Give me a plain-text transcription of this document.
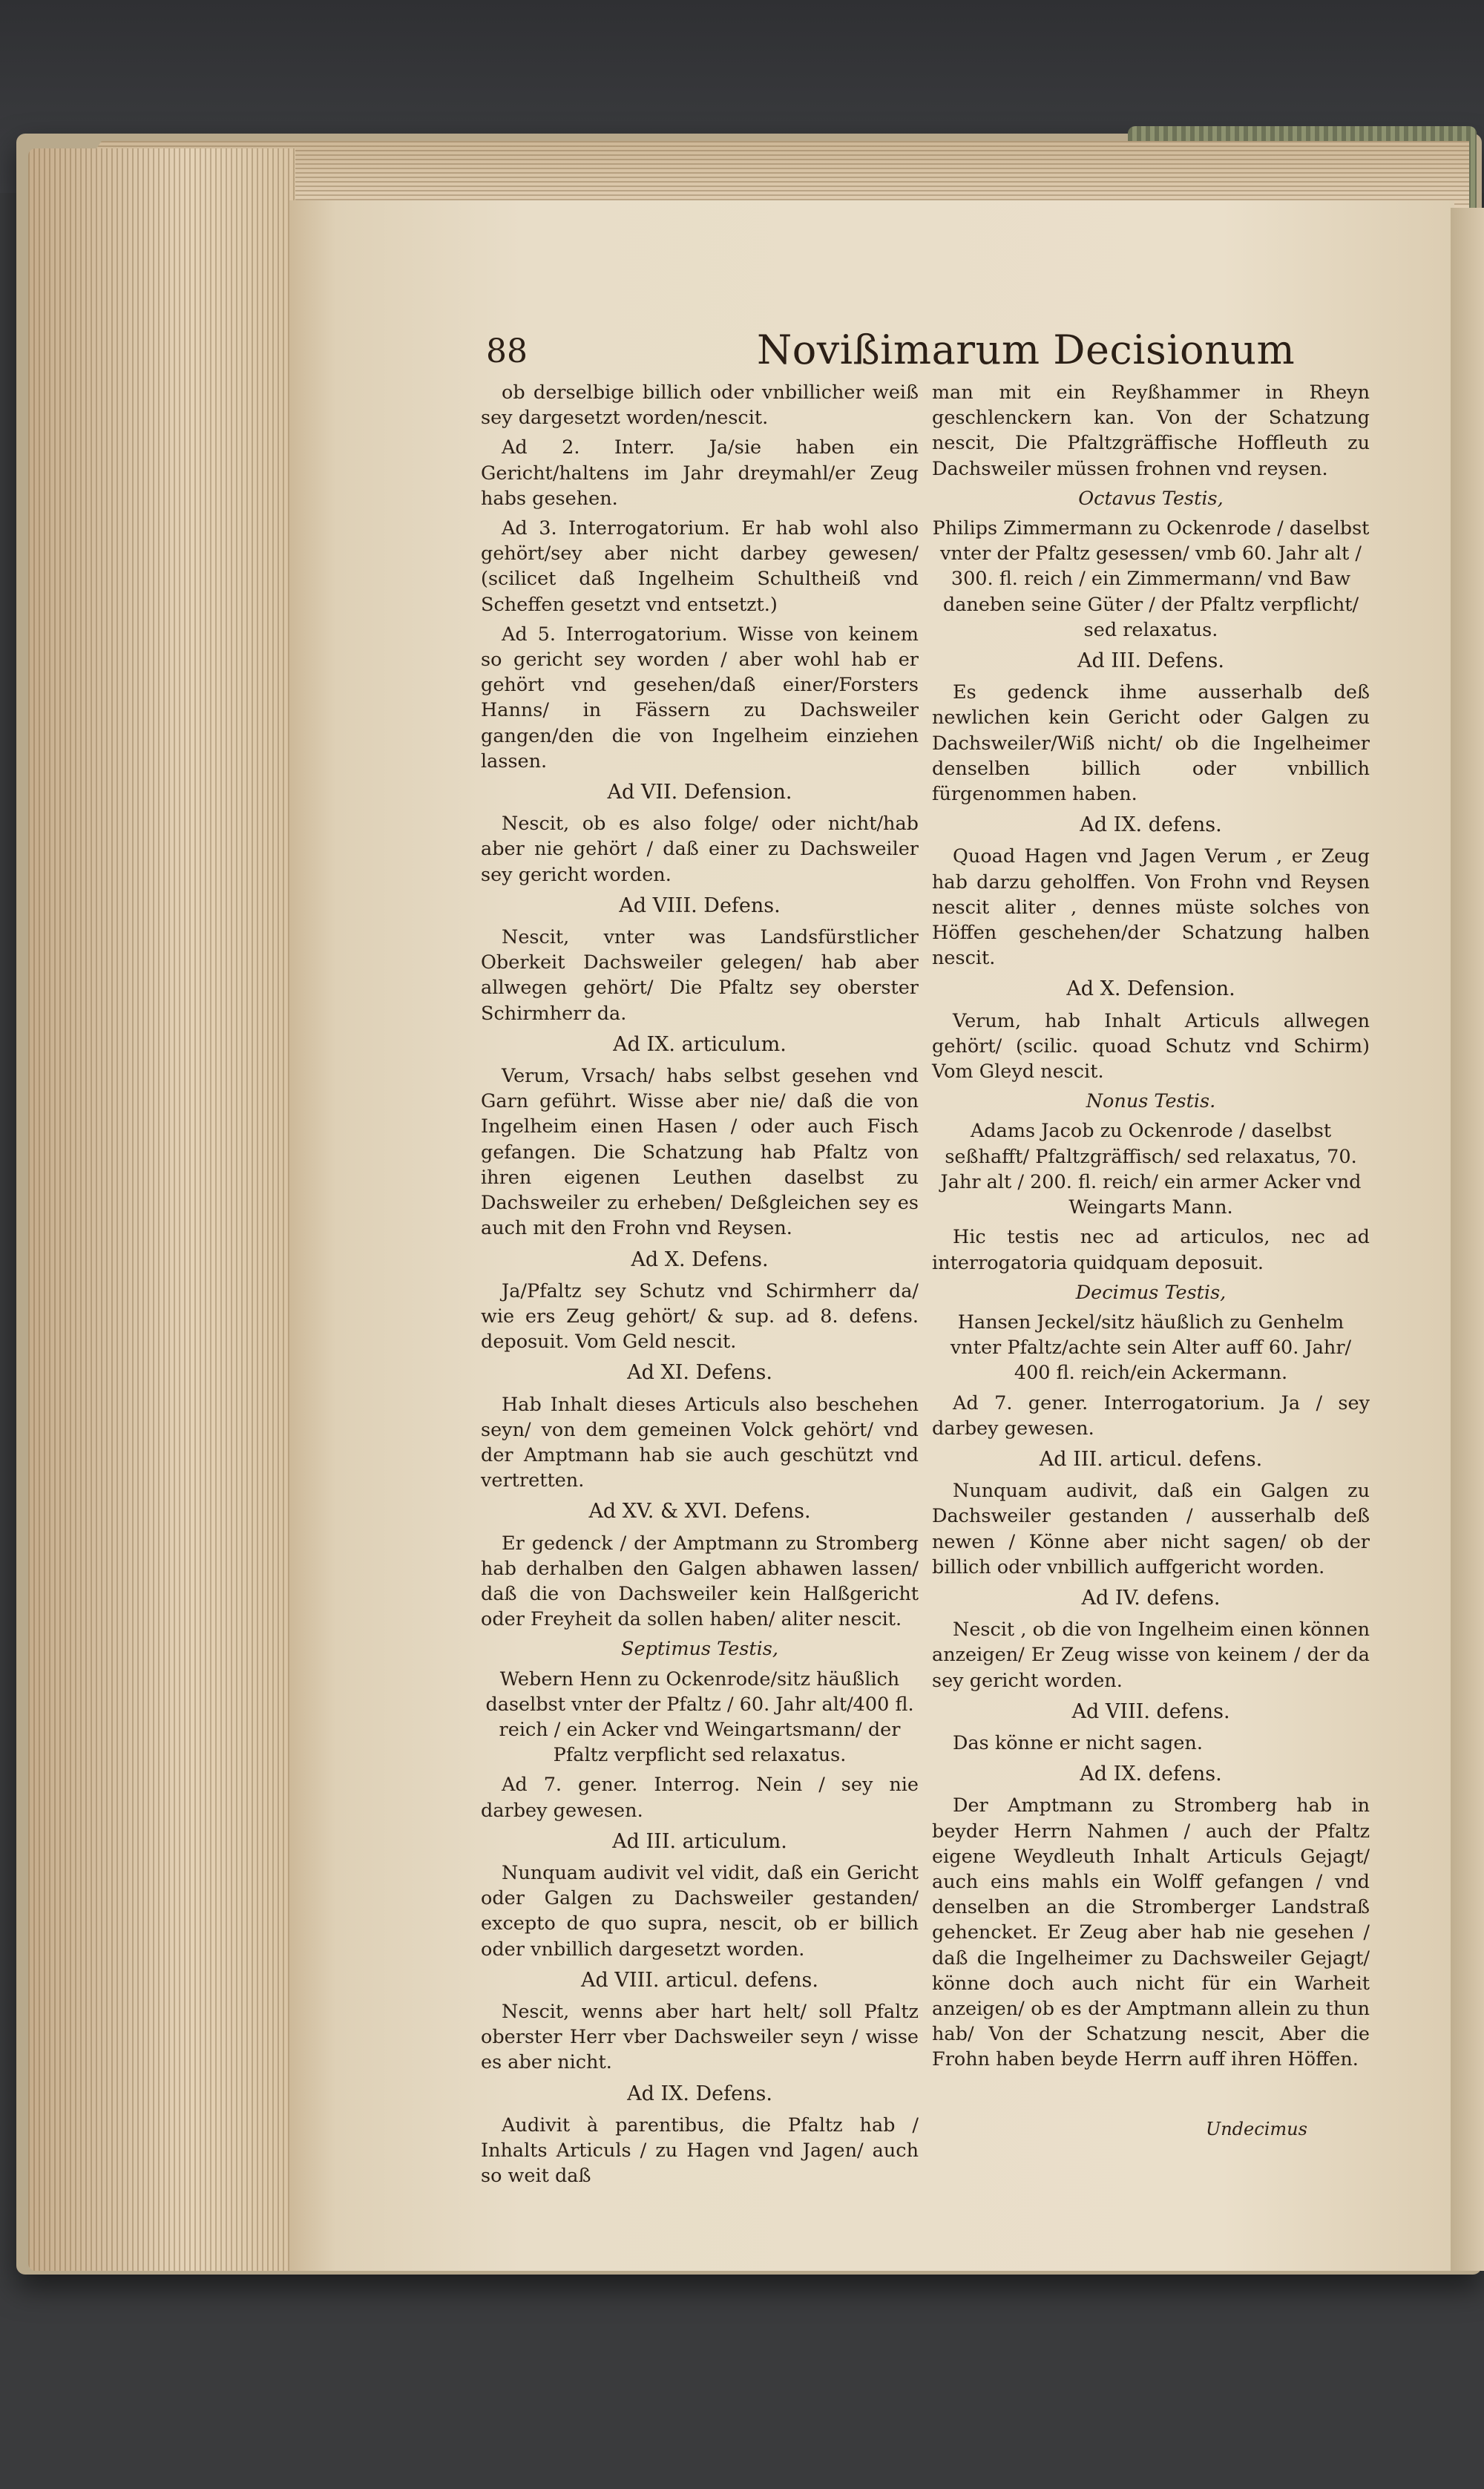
88	Novißimarum Decisionum

ob derselbige billich oder vnbillicher weiß sey dargesetzt worden/nescit.

Ad 2. Interr. Ja/sie haben ein Gericht/haltens im Jahr dreymahl/er Zeug habs gesehen.

Ad 3. Interrogatorium. Er hab wohl also gehört/sey aber nicht darbey gewesen/ (scilicet daß Ingelheim Schultheiß vnd Scheffen gesetzt vnd entsetzt.)

Ad 5. Interrogatorium. Wisse von keinem so gericht sey worden / aber wohl hab er gehört vnd gesehen/daß einer/Forsters Hanns/ in Fässern zu Dachsweiler gangen/den die von Ingelheim einziehen lassen.

Ad VII. Defension.

Nescit, ob es also folge/ oder nicht/hab aber nie gehört / daß einer zu Dachsweiler sey gericht worden.

Ad VIII. Defens.

Nescit, vnter was Landsfürstlicher Oberkeit Dachsweiler gelegen/ hab aber allwegen gehört/ Die Pfaltz sey oberster Schirmherr da.

Ad IX. articulum.

Verum, Vrsach/ habs selbst gesehen vnd Garn geführt. Wisse aber nie/ daß die von Ingelheim einen Hasen / oder auch Fisch gefangen. Die Schatzung hab Pfaltz von ihren eigenen Leuthen daselbst zu Dachsweiler zu erheben/ Deßgleichen sey es auch mit den Frohn vnd Reysen.

Ad X. Defens.

Ja/Pfaltz sey Schutz vnd Schirmherr da/ wie ers Zeug gehört/ & sup. ad 8. defens. deposuit. Vom Geld nescit.

Ad XI. Defens.

Hab Inhalt dieses Articuls also beschehen seyn/ von dem gemeinen Volck gehört/ vnd der Amptmann hab sie auch geschützt vnd vertretten.

Ad XV. & XVI. Defens.

Er gedenck / der Amptmann zu Stromberg hab derhalben den Galgen abhawen lassen/ daß die von Dachsweiler kein Halßgericht oder Freyheit da sollen haben/ aliter nescit.

Septimus Testis,

Webern Henn zu Ockenrode/sitz häußlich daselbst vnter der Pfaltz / 60. Jahr alt/400 fl. reich / ein Acker vnd Weingartsmann/ der Pfaltz verpflicht sed relaxatus.

Ad 7. gener. Interrog. Nein / sey nie darbey gewesen.

Ad III. articulum.

Nunquam audivit vel vidit, daß ein Gericht oder Galgen zu Dachsweiler gestanden/ excepto de quo supra, nescit, ob er billich oder vnbillich dargesetzt worden.

Ad VIII. articul. defens.

Nescit, wenns aber hart helt/ soll Pfaltz oberster Herr vber Dachsweiler seyn / wisse es aber nicht.

Ad IX. Defens.

Audivit à parentibus, die Pfaltz hab / Inhalts Articuls / zu Hagen vnd Jagen/ auch so weit daß

man mit ein Reyßhammer in Rheyn geschlenckern kan. Von der Schatzung nescit, Die Pfaltzgräffische Hoffleuth zu Dachsweiler müssen frohnen vnd reysen.

Octavus Testis,

Philips Zimmermann zu Ockenrode / daselbst vnter der Pfaltz gesessen/ vmb 60. Jahr alt / 300. fl. reich / ein Zimmermann/ vnd Baw daneben seine Güter / der Pfaltz verpflicht/ sed relaxatus.

Ad III. Defens.

Es gedenck ihme ausserhalb deß newlichen kein Gericht oder Galgen zu Dachsweiler/Wiß nicht/ ob die Ingelheimer denselben billich oder vnbillich fürgenommen haben.

Ad IX. defens.

Quoad Hagen vnd Jagen Verum , er Zeug hab darzu geholffen. Von Frohn vnd Reysen nescit aliter , dennes müste solches von Höffen geschehen/der Schatzung halben nescit.

Ad X. Defension.

Verum, hab Inhalt Articuls allwegen gehört/ (scilic. quoad Schutz vnd Schirm) Vom Gleyd nescit.

Nonus Testis.

Adams Jacob zu Ockenrode / daselbst seßhafft/ Pfaltzgräffisch/ sed relaxatus, 70. Jahr alt / 200. fl. reich/ ein armer Acker vnd Weingarts Mann.

Hic testis nec ad articulos, nec ad interrogatoria quidquam deposuit.

Decimus Testis,

Hansen Jeckel/sitz häußlich zu Genhelm vnter Pfaltz/achte sein Alter auff 60. Jahr/ 400 fl. reich/ein Ackermann.

Ad 7. gener. Interrogatorium. Ja / sey darbey gewesen.

Ad III. articul. defens.

Nunquam audivit, daß ein Galgen zu Dachsweiler gestanden / ausserhalb deß newen / Könne aber nicht sagen/ ob der billich oder vnbillich auffgericht worden.

Ad IV. defens.

Nescit , ob die von Ingelheim einen können anzeigen/ Er Zeug wisse von keinem / der da sey gericht worden.

Ad VIII. defens.

Das könne er nicht sagen.

Ad IX. defens.

Der Amptmann zu Stromberg hab in beyder Herrn Nahmen / auch der Pfaltz eigene Weydleuth Inhalt Articuls Gejagt/ auch eins mahls ein Wolff gefangen / vnd denselben an die Stromberger Landstraß gehencket. Er Zeug aber hab nie gesehen / daß die Ingelheimer zu Dachsweiler Gejagt/ könne doch auch nicht für ein Warheit anzeigen/ ob es der Amptmann allein zu thun hab/ Von der Schatzung nescit, Aber die Frohn haben beyde Herrn auff ihren Höffen.

Undecimus
